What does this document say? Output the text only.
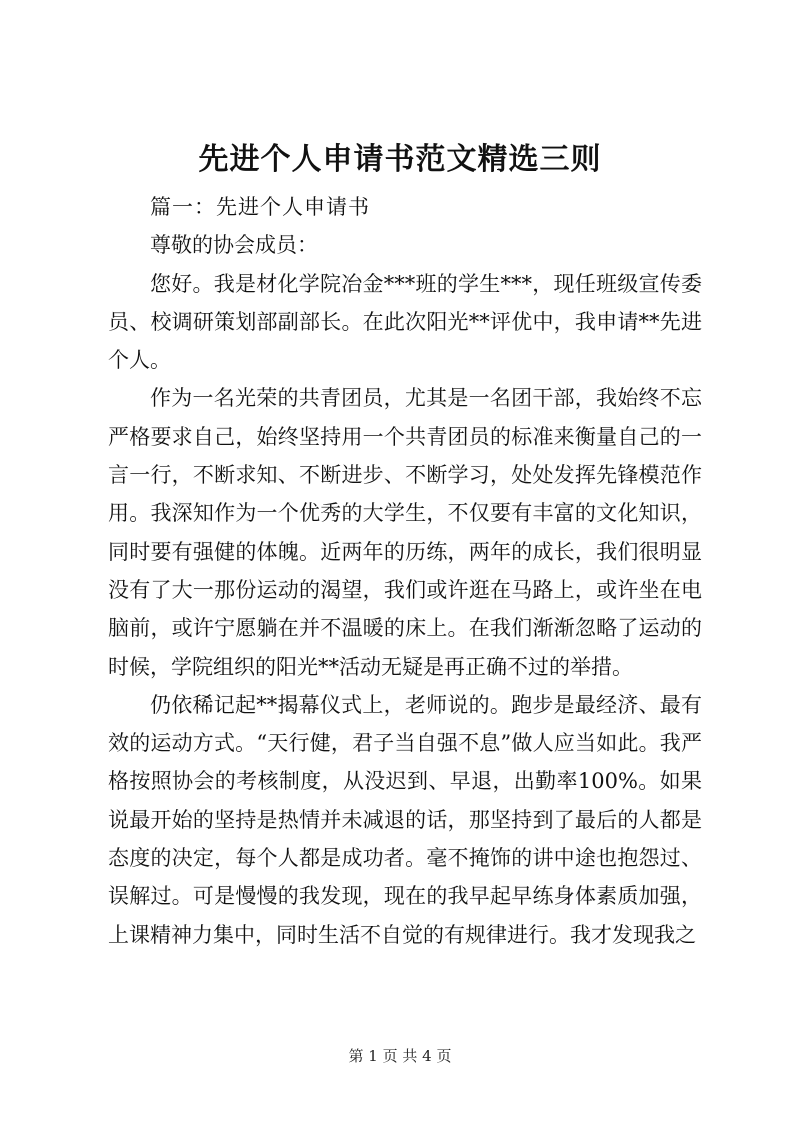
先进个人申请书范文精选三则

篇一：先进个人申请书

尊敬的协会成员：

您好。我是材化学院冶金***班的学生***，现任班级宣传委员、校调研策划部副部长。在此次阳光**评优中，我申请**先进个人。

作为一名光荣的共青团员，尤其是一名团干部，我始终不忘严格要求自己，始终坚持用一个共青团员的标准来衡量自己的一言一行，不断求知、不断进步、不断学习，处处发挥先锋模范作用。我深知作为一个优秀的大学生，不仅要有丰富的文化知识，同时要有强健的体魄。近两年的历练，两年的成长，我们很明显没有了大一那份运动的渴望，我们或许逛在马路上，或许坐在电脑前，或许宁愿躺在并不温暖的床上。在我们渐渐忽略了运动的时候，学院组织的阳光**活动无疑是再正确不过的举措。

仍依稀记起**揭幕仪式上，老师说的。跑步是最经济、最有效的运动方式。“天行健，君子当自强不息”做人应当如此。我严格按照协会的考核制度，从没迟到、早退，出勤率100%。如果说最开始的坚持是热情并未减退的话，那坚持到了最后的人都是态度的决定，每个人都是成功者。毫不掩饰的讲中途也抱怨过、误解过。可是慢慢的我发现，现在的我早起早练身体素质加强，上课精神力集中，同时生活不自觉的有规律进行。我才发现我之

第 1 页 共 4 页
